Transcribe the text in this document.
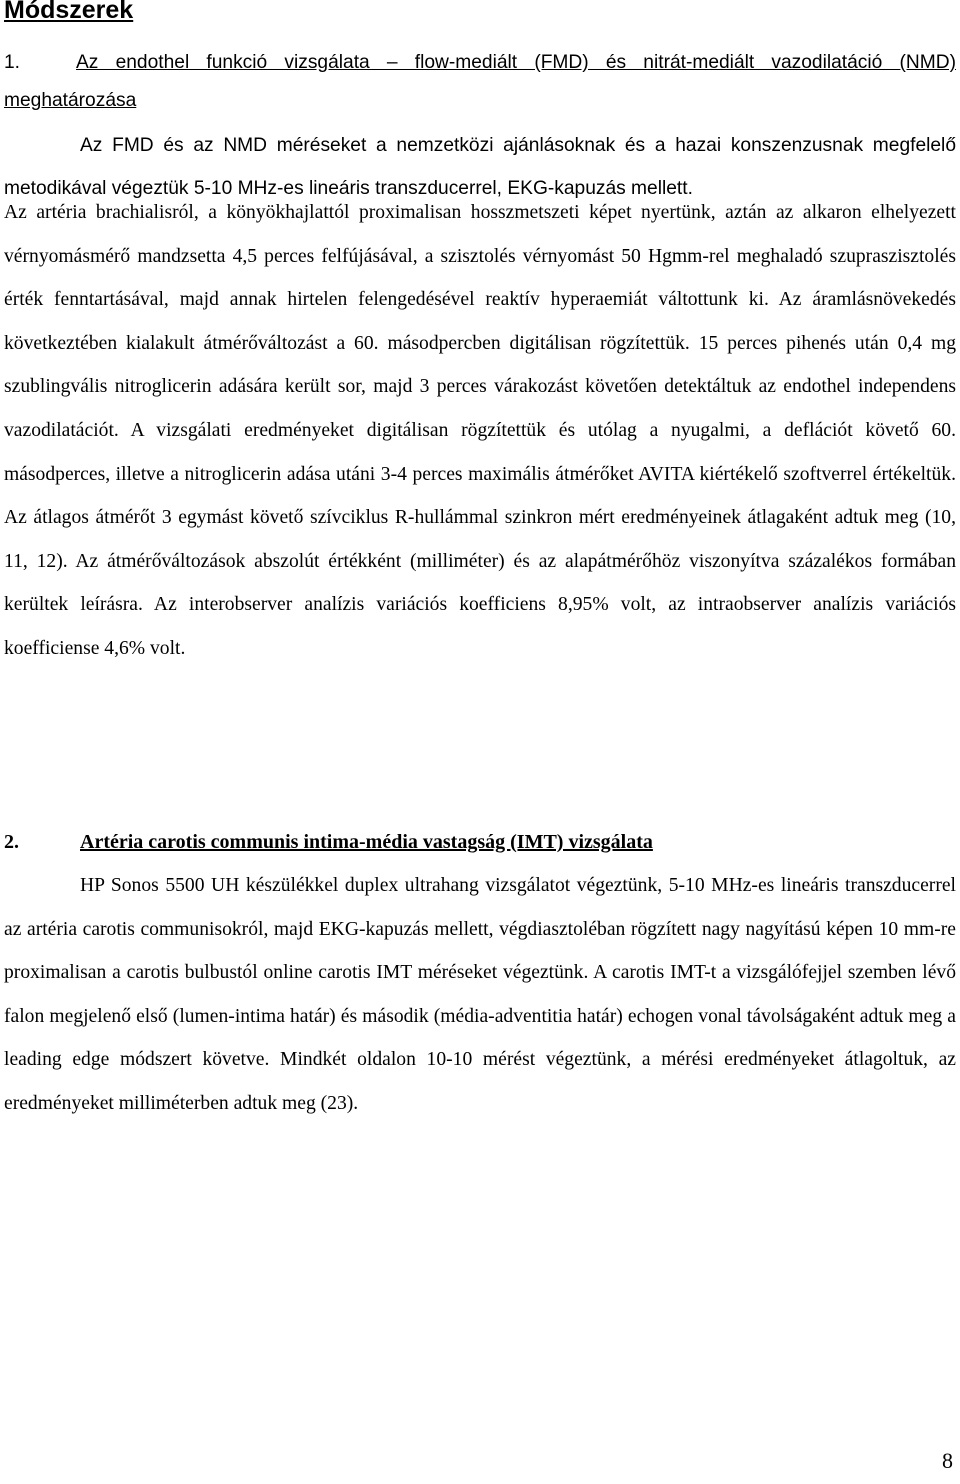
Módszerek
1.	Az endothel funkció vizsgálata – flow-mediált (FMD) és nitrát-mediált vazodilatáció (NMD) meghatározása

Az FMD és az NMD méréseket a nemzetközi ajánlásoknak és a hazai konszenzusnak megfelelő metodikával végeztük 5-10 MHz-es lineáris transzducerrel, EKG-kapuzás mellett.

Az artéria brachialisról, a könyökhajlattól proximalisan hosszmetszeti képet nyertünk, aztán az alkaron elhelyezett vérnyomásmérő mandzsetta 4,5 perces felfújásával, a szisztolés vérnyomást 50 Hgmm-rel meghaladó szupraszisztolés érték fenntartásával, majd annak hirtelen felengedésével reaktív hyperaemiát váltottunk ki. Az áramlásnövekedés következtében kialakult átmérőváltozást a 60. másodpercben digitálisan rögzítettük. 15 perces pihenés után 0,4 mg szublingvális nitroglicerin adására került sor, majd 3 perces várakozást követően detektáltuk az endothel independens vazodilatációt. A vizsgálati eredményeket digitálisan rögzítettük és utólag a nyugalmi, a deflációt követő 60. másodperces, illetve a nitroglicerin adása utáni 3-4 perces maximális átmérőket AVITA kiértékelő szoftverrel értékeltük. Az átlagos átmérőt 3 egymást követő szívciklus R-hullámmal szinkron mért eredményeinek átlagaként adtuk meg (10, 11, 12). Az átmérőváltozások abszolút értékként (milliméter) és az alapátmérőhöz viszonyítva százalékos formában kerültek leírásra. Az interobserver analízis variációs koefficiens 8,95% volt, az intraobserver analízis variációs koefficiense 4,6% volt.

2.	Artéria carotis communis intima-média vastagság (IMT) vizsgálata

HP Sonos 5500 UH készülékkel duplex ultrahang vizsgálatot végeztünk, 5-10 MHz-es lineáris transzducerrel az artéria carotis communisokról, majd EKG-kapuzás mellett, végdiasztoléban rögzített nagy nagyítású képen 10 mm-re proximalisan a carotis bulbustól online carotis IMT méréseket végeztünk. A carotis IMT-t a vizsgálófejjel szemben lévő falon megjelenő első (lumen-intima határ) és második (média-adventitia határ) echogen vonal távolságaként adtuk meg a leading edge módszert követve. Mindkét oldalon 10-10 mérést végeztünk, a mérési eredményeket átlagoltuk, az eredményeket milliméterben adtuk meg (23).

8
